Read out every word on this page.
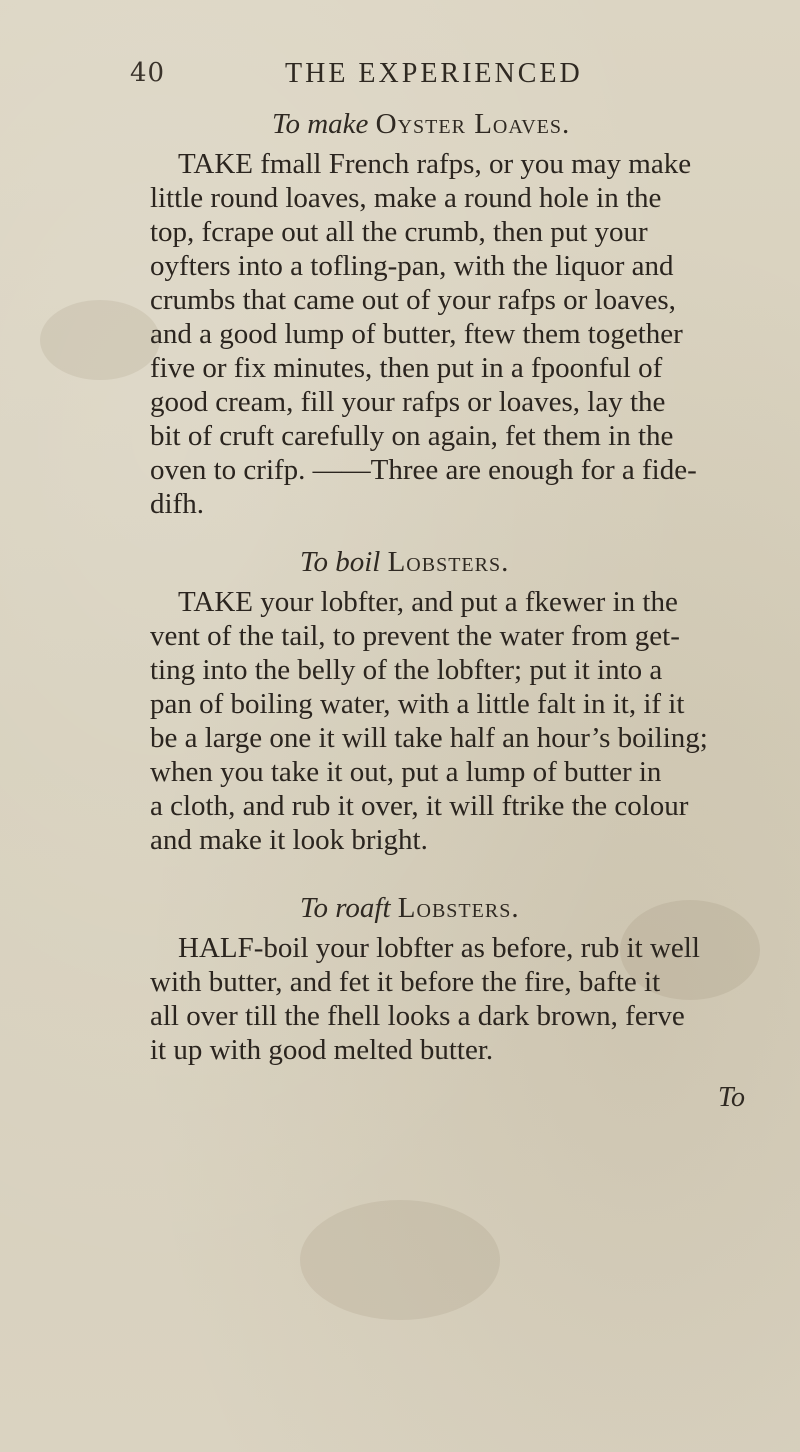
40	THE EXPERIENCED
To make Oyster Loaves.
TAKE fmall French rafps, or you may make
little round loaves, make a round hole in the
top, fcrape out all the crumb, then put your
oyfters into a tofling-pan, with the liquor and
crumbs that came out of your rafps or loaves,
and a good lump of butter, ftew them together
five or fix minutes, then put in a fpoonful of
good cream, fill your rafps or loaves, lay the
bit of cruft carefully on again, fet them in the
oven to crifp. ——Three are enough for a fide-
difh.
To boil Lobsters.
TAKE your lobfter, and put a fkewer in the
vent of the tail, to prevent the water from get-
ting into the belly of the lobfter; put it into a
pan of boiling water, with a little falt in it, if it
be a large one it will take half an hour’s boiling;
when you take it out, put a lump of butter in
a cloth, and rub it over, it will ftrike the colour
and make it look bright.
To roaft Lobsters.
HALF-boil your lobfter as before, rub it well
with butter, and fet it before the fire, bafte it
all over till the fhell looks a dark brown, ferve
it up with good melted butter.
To
